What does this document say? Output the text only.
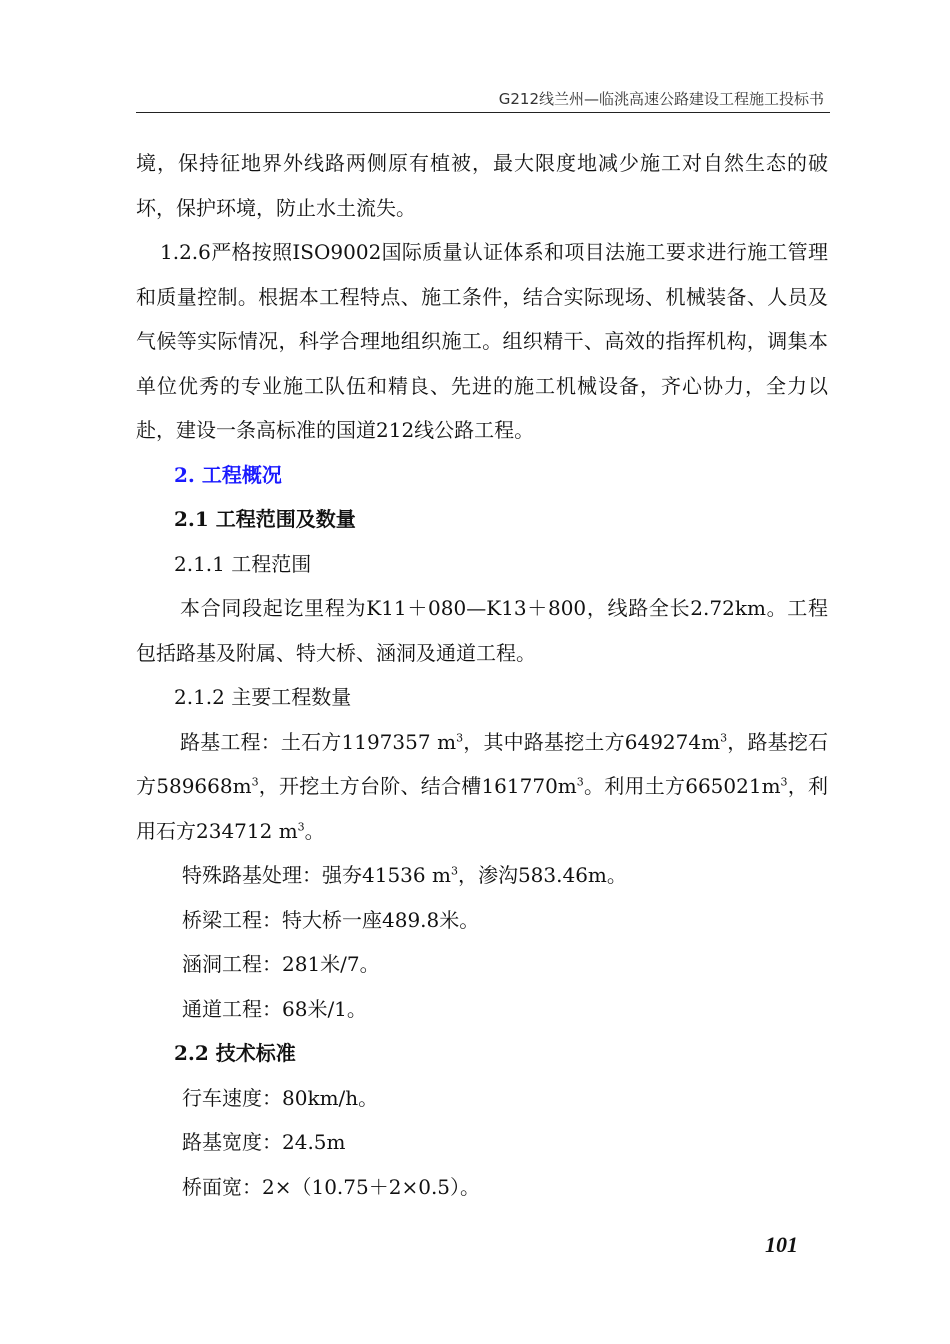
G212线兰州—临洮高速公路建设工程施工投标书

境，保持征地界外线路两侧原有植被，最大限度地减少施工对自然生态的破坏，保护环境，防止水土流失。

1.2.6严格按照ISO9002国际质量认证体系和项目法施工要求进行施工管理和质量控制。根据本工程特点、施工条件，结合实际现场、机械装备、人员及气候等实际情况，科学合理地组织施工。组织精干、高效的指挥机构，调集本单位优秀的专业施工队伍和精良、先进的施工机械设备，齐心协力，全力以赴，建设一条高标准的国道212线公路工程。

2. 工程概况

2.1 工程范围及数量

2.1.1 工程范围

本合同段起讫里程为K11＋080—K13＋800，线路全长2.72km。工程包括路基及附属、特大桥、涵洞及通道工程。

2.1.2 主要工程数量

路基工程：土石方1197357 $m^3$，其中路基挖土方$649274m^3$，路基挖石方$589668m^3$，开挖土方台阶、结合槽$161770m^3$。利用土方$665021m^3$，利用石方234712 $m^3$。

特殊路基处理：强夯41536 $m^3$，渗沟583.46m。

桥梁工程：特大桥一座489.8米。

涵洞工程：281米/7。

通道工程：68米/1。

2.2 技术标准

行车速度：80km/h。

路基宽度：24.5m

桥面宽：2×（10.75＋2×0.5）。

101
